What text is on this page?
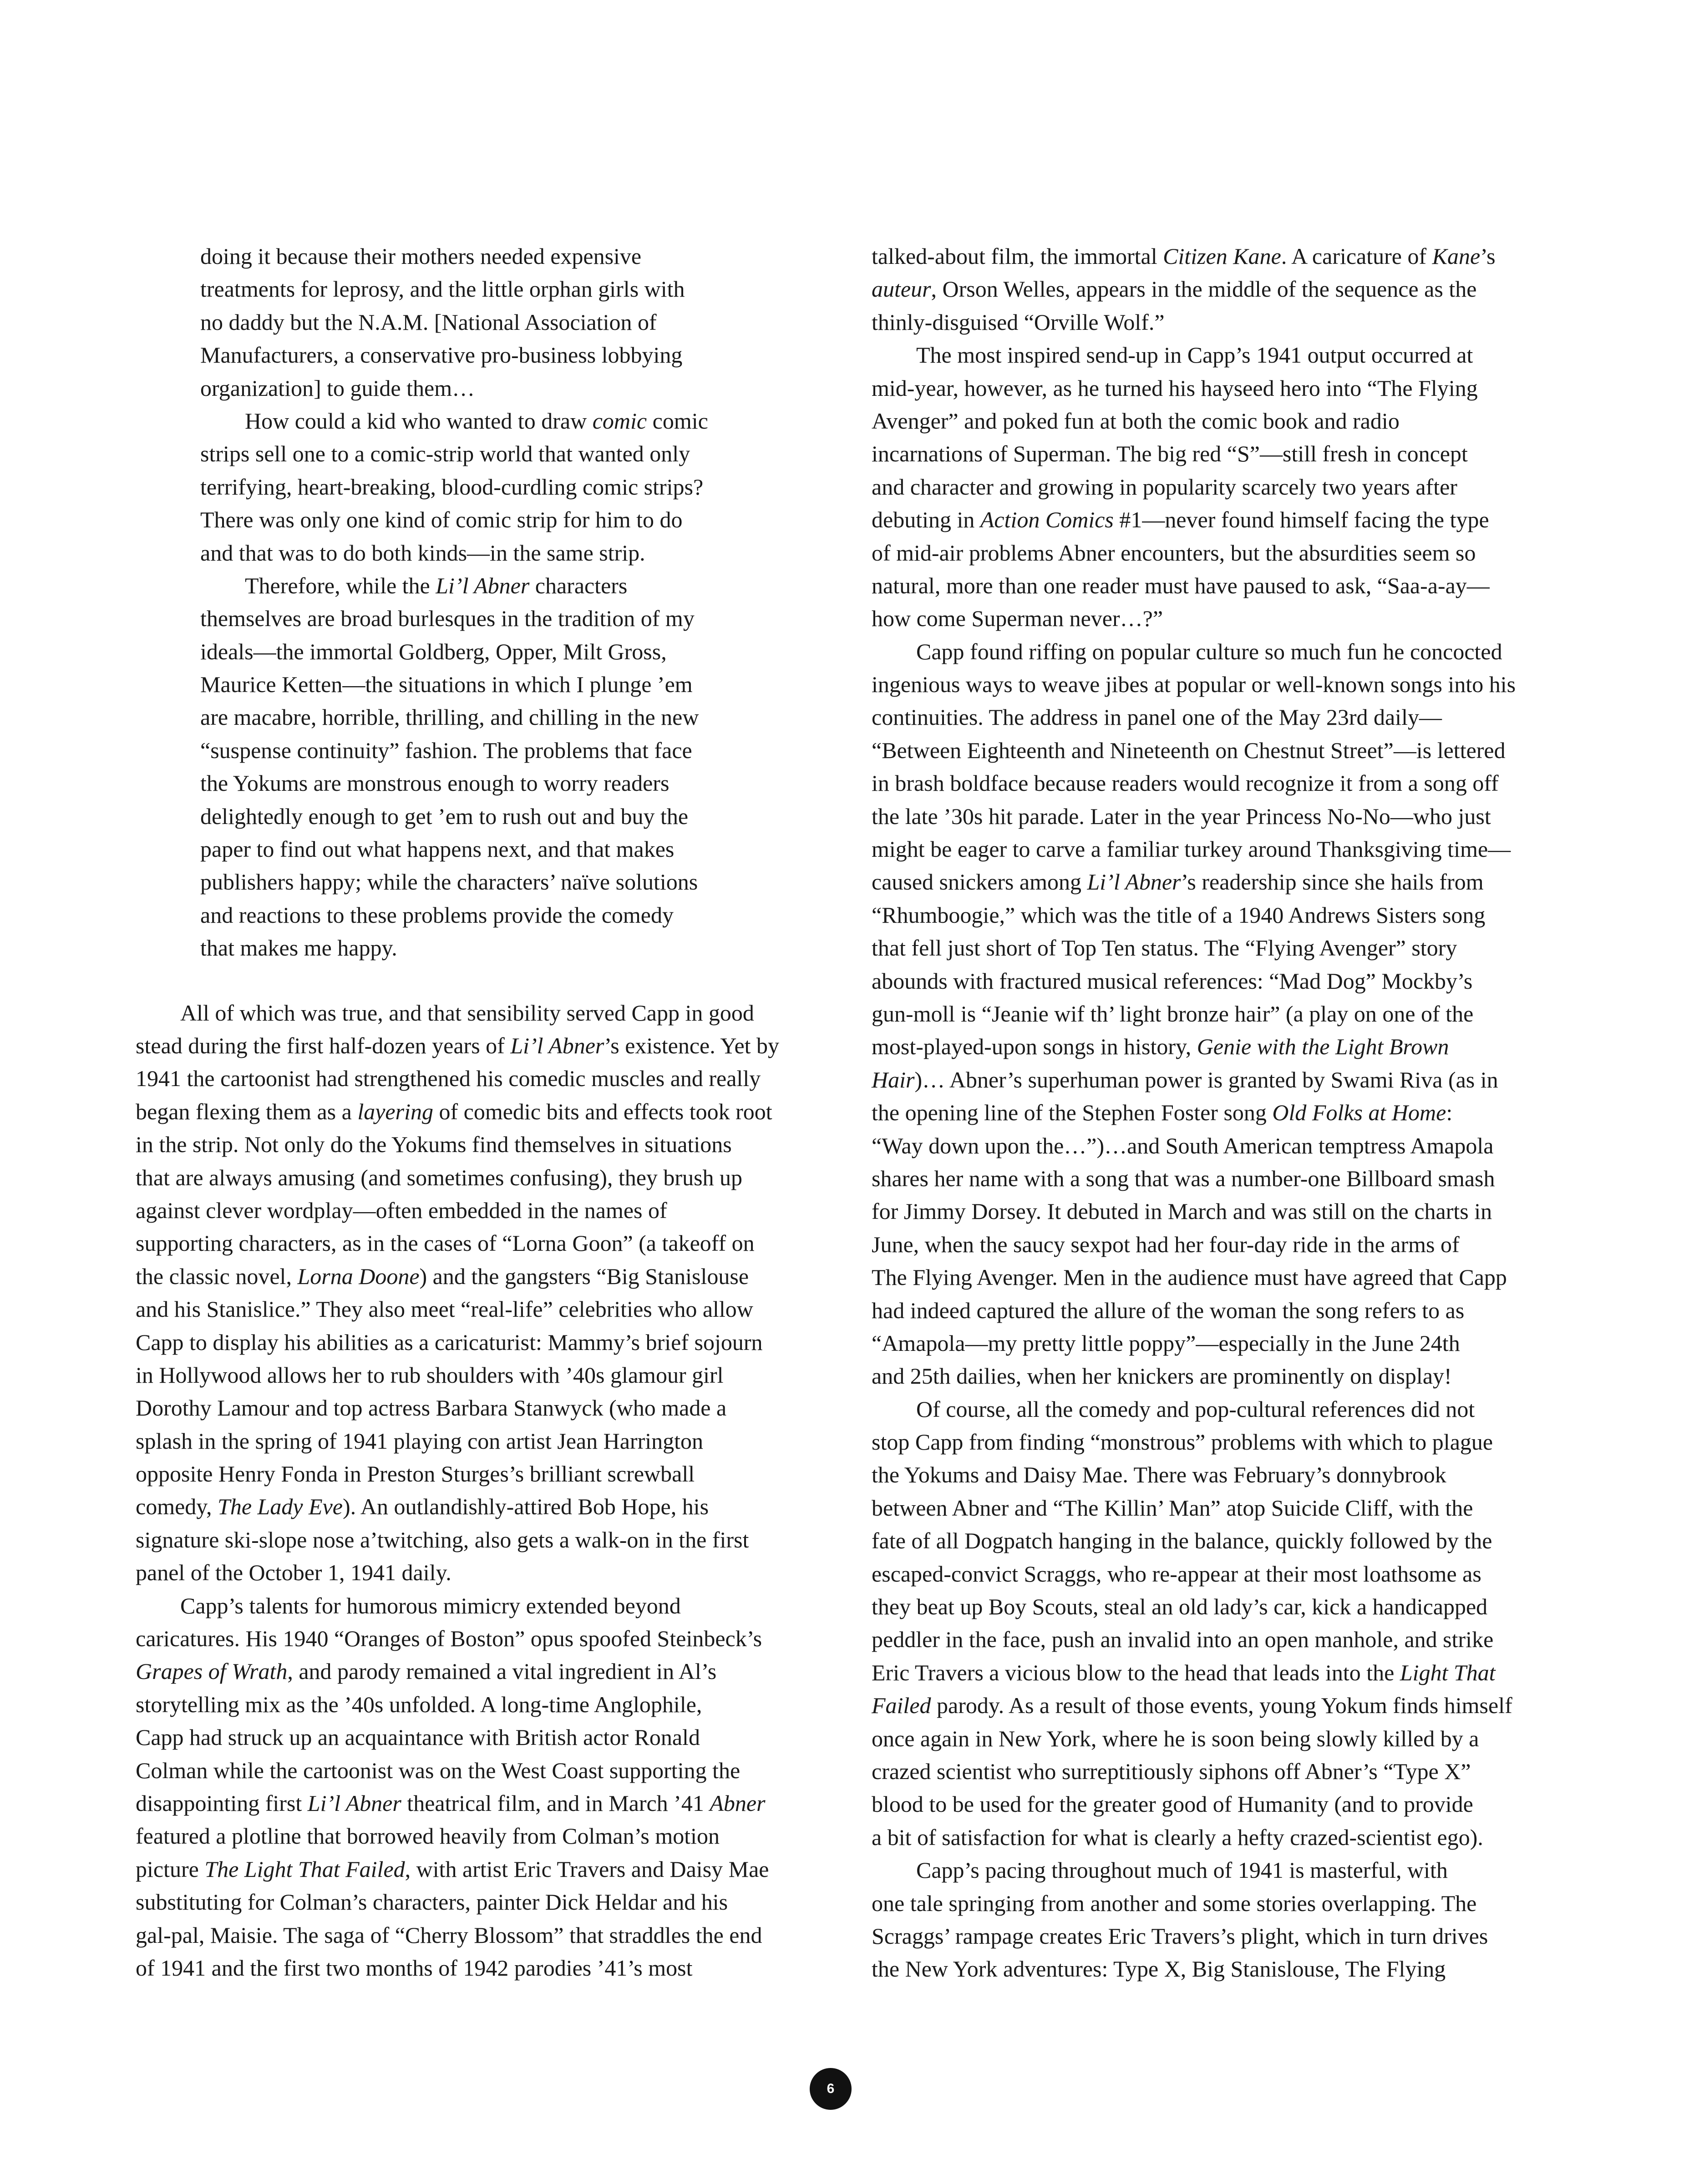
doing it because their mothers needed expensive
treatments for leprosy, and the little orphan girls with
no daddy but the N.A.M. [National Association of
Manufacturers, a conservative pro-business lobbying
organization] to guide them…
How could a kid who wanted to draw comic comic
strips sell one to a comic-strip world that wanted only
terrifying, heart-breaking, blood-curdling comic strips?
There was only one kind of comic strip for him to do
and that was to do both kinds—in the same strip.
Therefore, while the Li’l Abner characters
themselves are broad burlesques in the tradition of my
ideals—the immortal Goldberg, Opper, Milt Gross,
Maurice Ketten—the situations in which I plunge ’em
are macabre, horrible, thrilling, and chilling in the new
“suspense continuity” fashion. The problems that face
the Yokums are monstrous enough to worry readers
delightedly enough to get ’em to rush out and buy the
paper to find out what happens next, and that makes
publishers happy; while the characters’ naïve solutions
and reactions to these problems provide the comedy
that makes me happy.
All of which was true, and that sensibility served Capp in good
stead during the first half-dozen years of Li’l Abner’s existence. Yet by
1941 the cartoonist had strengthened his comedic muscles and really
began flexing them as a layering of comedic bits and effects took root
in the strip. Not only do the Yokums find themselves in situations
that are always amusing (and sometimes confusing), they brush up
against clever wordplay—often embedded in the names of
supporting characters, as in the cases of “Lorna Goon” (a takeoff on
the classic novel, Lorna Doone) and the gangsters “Big Stanislouse
and his Stanislice.” They also meet “real-life” celebrities who allow
Capp to display his abilities as a caricaturist: Mammy’s brief sojourn
in Hollywood allows her to rub shoulders with ’40s glamour girl
Dorothy Lamour and top actress Barbara Stanwyck (who made a
splash in the spring of 1941 playing con artist Jean Harrington
opposite Henry Fonda in Preston Sturges’s brilliant screwball
comedy, The Lady Eve). An outlandishly-attired Bob Hope, his
signature ski-slope nose a’twitching, also gets a walk-on in the first
panel of the October 1, 1941 daily.
Capp’s talents for humorous mimicry extended beyond
caricatures. His 1940 “Oranges of Boston” opus spoofed Steinbeck’s
Grapes of Wrath, and parody remained a vital ingredient in Al’s
storytelling mix as the ’40s unfolded. A long-time Anglophile,
Capp had struck up an acquaintance with British actor Ronald
Colman while the cartoonist was on the West Coast supporting the
disappointing first Li’l Abner theatrical film, and in March ’41 Abner
featured a plotline that borrowed heavily from Colman’s motion
picture The Light That Failed, with artist Eric Travers and Daisy Mae
substituting for Colman’s characters, painter Dick Heldar and his
gal-pal, Maisie. The saga of “Cherry Blossom” that straddles the end
of 1941 and the first two months of 1942 parodies ’41’s most
talked-about film, the immortal Citizen Kane. A caricature of Kane’s
auteur, Orson Welles, appears in the middle of the sequence as the
thinly-disguised “Orville Wolf.”
The most inspired send-up in Capp’s 1941 output occurred at
mid-year, however, as he turned his hayseed hero into “The Flying
Avenger” and poked fun at both the comic book and radio
incarnations of Superman. The big red “S”—still fresh in concept
and character and growing in popularity scarcely two years after
debuting in Action Comics #1—never found himself facing the type
of mid-air problems Abner encounters, but the absurdities seem so
natural, more than one reader must have paused to ask, “Saa-a-ay—
how come Superman never…?”
Capp found riffing on popular culture so much fun he concocted
ingenious ways to weave jibes at popular or well-known songs into his
continuities. The address in panel one of the May 23rd daily—
“Between Eighteenth and Nineteenth on Chestnut Street”—is lettered
in brash boldface because readers would recognize it from a song off
the late ’30s hit parade. Later in the year Princess No-No—who just
might be eager to carve a familiar turkey around Thanksgiving time—
caused snickers among Li’l Abner’s readership since she hails from
“Rhumboogie,” which was the title of a 1940 Andrews Sisters song
that fell just short of Top Ten status. The “Flying Avenger” story
abounds with fractured musical references: “Mad Dog” Mockby’s
gun-moll is “Jeanie wif th’ light bronze hair” (a play on one of the
most-played-upon songs in history, Genie with the Light Brown
Hair)… Abner’s superhuman power is granted by Swami Riva (as in
the opening line of the Stephen Foster song Old Folks at Home:
“Way down upon the…”)…and South American temptress Amapola
shares her name with a song that was a number-one Billboard smash
for Jimmy Dorsey. It debuted in March and was still on the charts in
June, when the saucy sexpot had her four-day ride in the arms of
The Flying Avenger. Men in the audience must have agreed that Capp
had indeed captured the allure of the woman the song refers to as
“Amapola—my pretty little poppy”—especially in the June 24th
and 25th dailies, when her knickers are prominently on display!
Of course, all the comedy and pop-cultural references did not
stop Capp from finding “monstrous” problems with which to plague
the Yokums and Daisy Mae. There was February’s donnybrook
between Abner and “The Killin’ Man” atop Suicide Cliff, with the
fate of all Dogpatch hanging in the balance, quickly followed by the
escaped-convict Scraggs, who re-appear at their most loathsome as
they beat up Boy Scouts, steal an old lady’s car, kick a handicapped
peddler in the face, push an invalid into an open manhole, and strike
Eric Travers a vicious blow to the head that leads into the Light That
Failed parody. As a result of those events, young Yokum finds himself
once again in New York, where he is soon being slowly killed by a
crazed scientist who surreptitiously siphons off Abner’s “Type X”
blood to be used for the greater good of Humanity (and to provide
a bit of satisfaction for what is clearly a hefty crazed-scientist ego).
Capp’s pacing throughout much of 1941 is masterful, with
one tale springing from another and some stories overlapping. The
Scraggs’ rampage creates Eric Travers’s plight, which in turn drives
the New York adventures: Type X, Big Stanislouse, The Flying
6
